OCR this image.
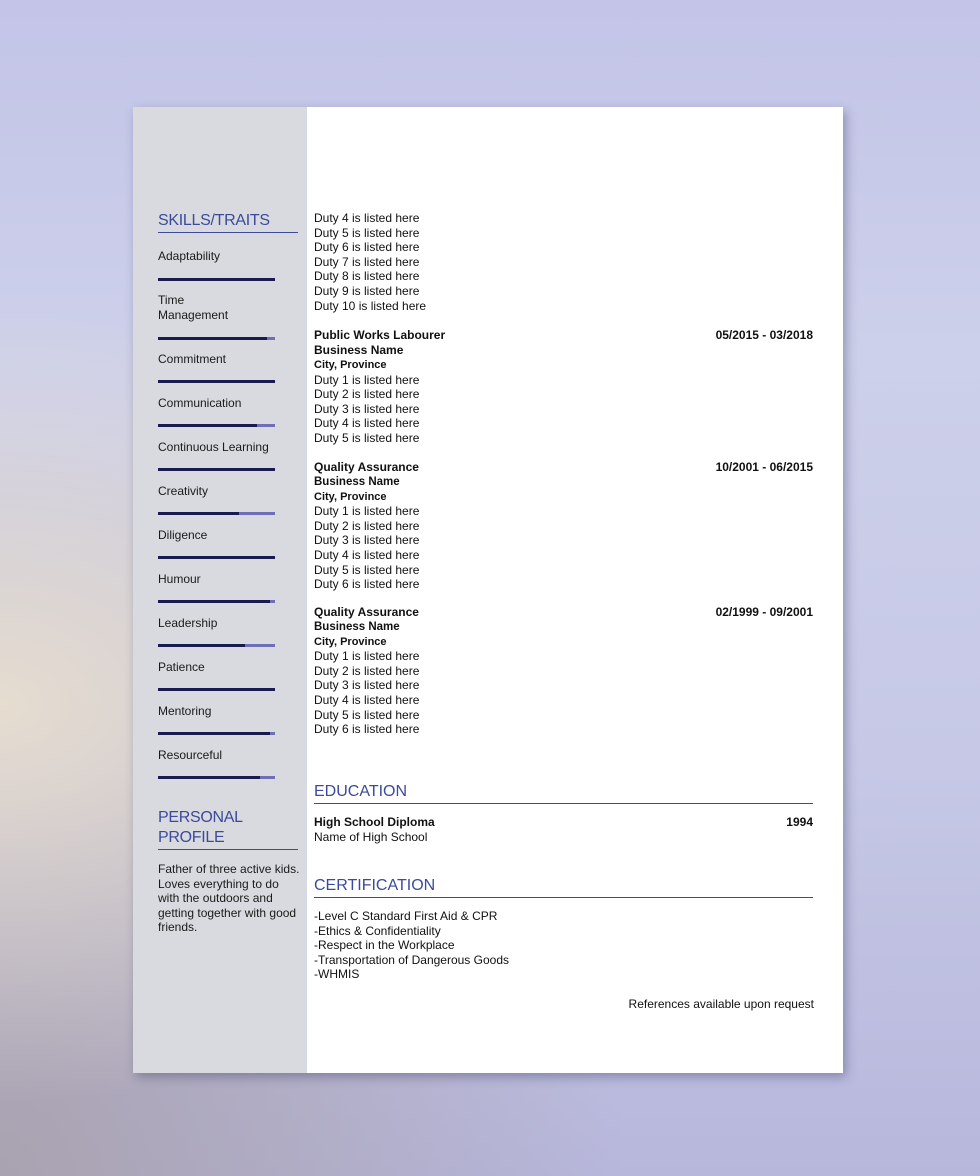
SKILLS/TRAITS
Adaptability
Time
Management
Commitment
Communication
Continuous Learning
Creativity
Diligence
Humour
Leadership
Patience
Mentoring
Resourceful
PERSONAL
PROFILE
Father of three active kids. Loves everything to do with the outdoors and getting together with good friends.
Duty 4 is listed here
Duty 5 is listed here
Duty 6 is listed here
Duty 7 is listed here
Duty 8 is listed here
Duty 9 is listed here
Duty 10 is listed here
Public Works Labourer	05/2015 - 03/2018
Business Name
City, Province
Duty 1 is listed here
Duty 2 is listed here
Duty 3 is listed here
Duty 4 is listed here
Duty 5 is listed here
Quality Assurance	10/2001 - 06/2015
Business Name
City, Province
Duty 1 is listed here
Duty 2 is listed here
Duty 3 is listed here
Duty 4 is listed here
Duty 5 is listed here
Duty 6 is listed here
Quality Assurance	02/1999 - 09/2001
Business Name
City, Province
Duty 1 is listed here
Duty 2 is listed here
Duty 3 is listed here
Duty 4 is listed here
Duty 5 is listed here
Duty 6 is listed here
EDUCATION
High School Diploma	1994
Name of High School
CERTIFICATION
-Level C Standard First Aid & CPR
-Ethics & Confidentiality
-Respect in the Workplace
-Transportation of Dangerous Goods
-WHMIS
References available upon request
